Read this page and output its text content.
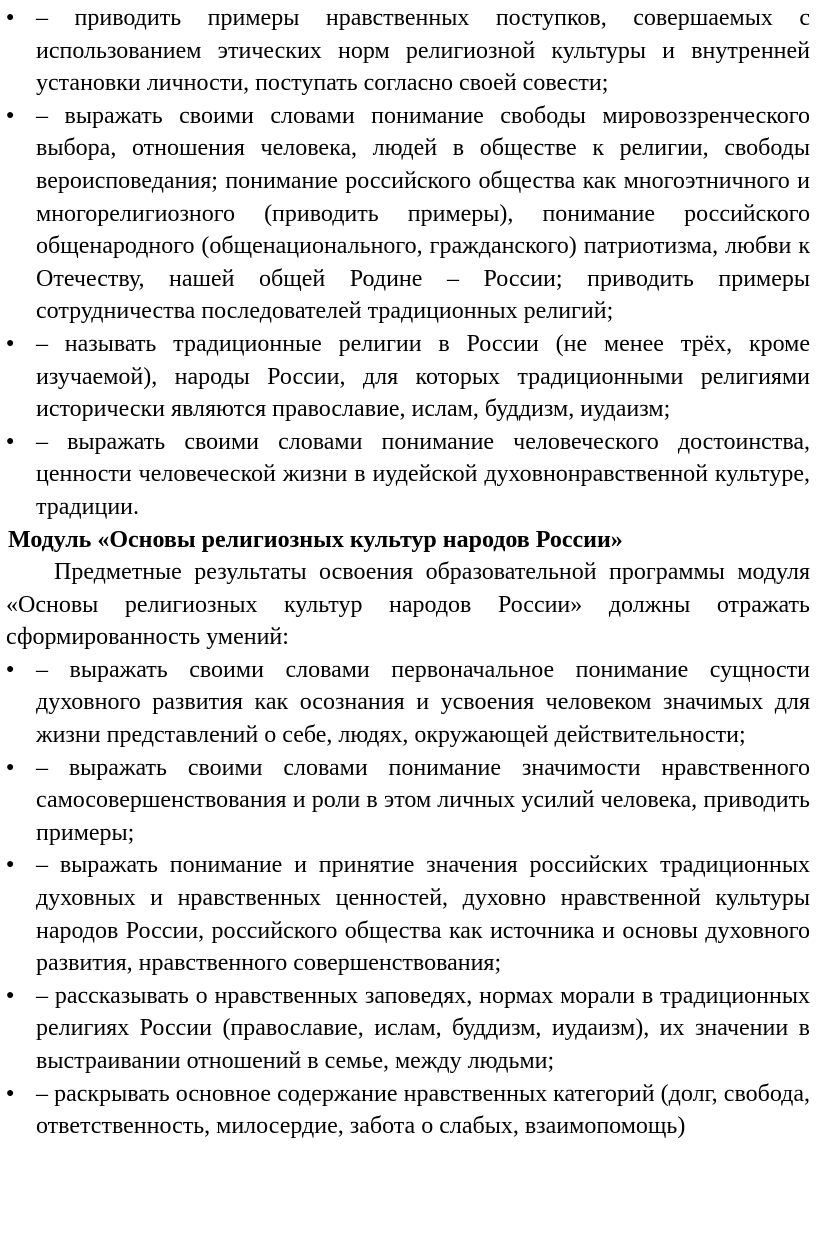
● – приводить примеры нравственных поступков, совершаемых с использованием этических норм религиозной культуры и внутренней установки личности, поступать согласно своей совести;
● – выражать своими словами понимание свободы мировоззренческого выбора, отношения человека, людей в обществе к религии, свободы вероисповедания; понимание российского общества как многоэтничного и многорелигиозного (приводить примеры), понимание российского общенародного (общенационального, гражданского) патриотизма, любви к Отечеству, нашей общей Родине – России; приводить примеры сотрудничества последователей традиционных религий;
● – называть традиционные религии в России (не менее трёх, кроме изучаемой), народы России, для которых традиционными религиями исторически являются православие, ислам, буддизм, иудаизм;
● – выражать своими словами понимание человеческого достоинства, ценности человеческой жизни в иудейской духовнонравственной культуре, традиции.

Модуль «Основы религиозных культур народов России»

Предметные результаты освоения образовательной программы модуля «Основы религиозных культур народов России» должны отражать сформированность умений:

● – выражать своими словами первоначальное понимание сущности духовного развития как осознания и усвоения человеком значимых для жизни представлений о себе, людях, окружающей действительности;
● – выражать своими словами понимание значимости нравственного самосовершенствования и роли в этом личных усилий человека, приводить примеры;
● – выражать понимание и принятие значения российских традиционных духовных и нравственных ценностей, духовно нравственной культуры народов России, российского общества как источника и основы духовного развития, нравственного совершенствования;
● – рассказывать о нравственных заповедях, нормах морали в традиционных религиях России (православие, ислам, буддизм, иудаизм), их значении в выстраивании отношений в семье, между людьми;
● – раскрывать основное содержание нравственных категорий (долг, свобода, ответственность, милосердие, забота о слабых, взаимопомощь)
